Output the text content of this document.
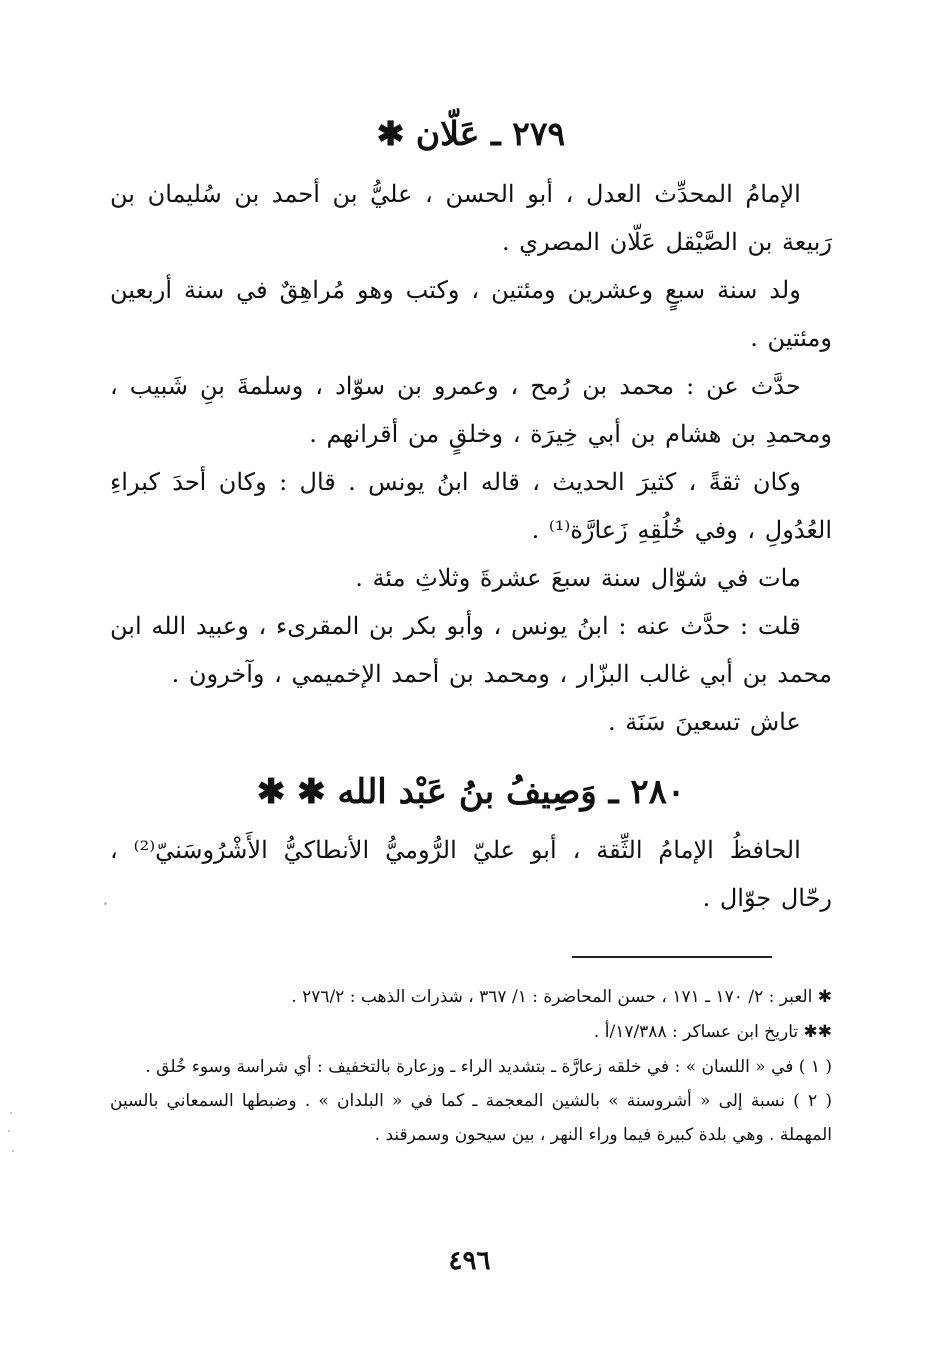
٢٧٩ ـ عَلّان ✱

الإمامُ المحدِّث العدل ، أبو الحسن ، عليُّ بن أحمد بن سُليمان بن رَبيعة بن الصَّيْقل عَلّان المصري .

ولد سنة سبعٍ وعشرين ومئتين ، وكتب وهو مُراهِقٌ في سنة أربعين ومئتين .

حدَّث عن : محمد بن رُمح ، وعمرو بن سوّاد ، وسلمةَ بنِ شَبيب ، ومحمدِ بن هشام بن أبي خِيرَة ، وخلقٍ من أقرانهم .

وكان ثقةً ، كثيرَ الحديث ، قاله ابنُ يونس . قال : وكان أحدَ كبراءِ العُدُولِ ، وفي خُلُقِهِ زَعارَّة⁽¹⁾ .

مات في شوّال سنة سبعَ عشرةَ وثلاثِ مئة .

قلت : حدَّث عنه : ابنُ يونس ، وأبو بكر بن المقرىء ، وعبيد الله ابن محمد بن أبي غالب البزّار ، ومحمد بن أحمد الإخميمي ، وآخرون .

عاش تسعينَ سَنَة .

٢٨٠ ـ وَصِيفُ بنُ عَبْد الله ✱ ✱

الحافظُ الإمامُ الثِّقة ، أبو عليّ الرُّوميُّ الأنطاكيُّ الأَشْرُوسَنيّ⁽²⁾ ، رحّال جوّال .

✱ العبر : ٢/ ١٧٠ ـ ١٧١ ، حسن المحاضرة : ١/ ٣٦٧ ، شذرات الذهب : ٢٧٦/٢ .

✱✱ تاريخ ابن عساكر : ١٧/٣٨٨/أ .

( ١ ) في « اللسان » : في خلقه زعارَّة ـ بتشديد الراء ـ وزعارة بالتخفيف : أي شراسة وسوء خُلق .

( ٢ ) نسبة إلى « أشروسنة » بالشين المعجمة ـ كما في « البلدان » . وضبطها السمعاني بالسين المهملة . وهي بلدة كبيرة فيما وراء النهر ، بين سيحون وسمرقند .

٤٩٦
